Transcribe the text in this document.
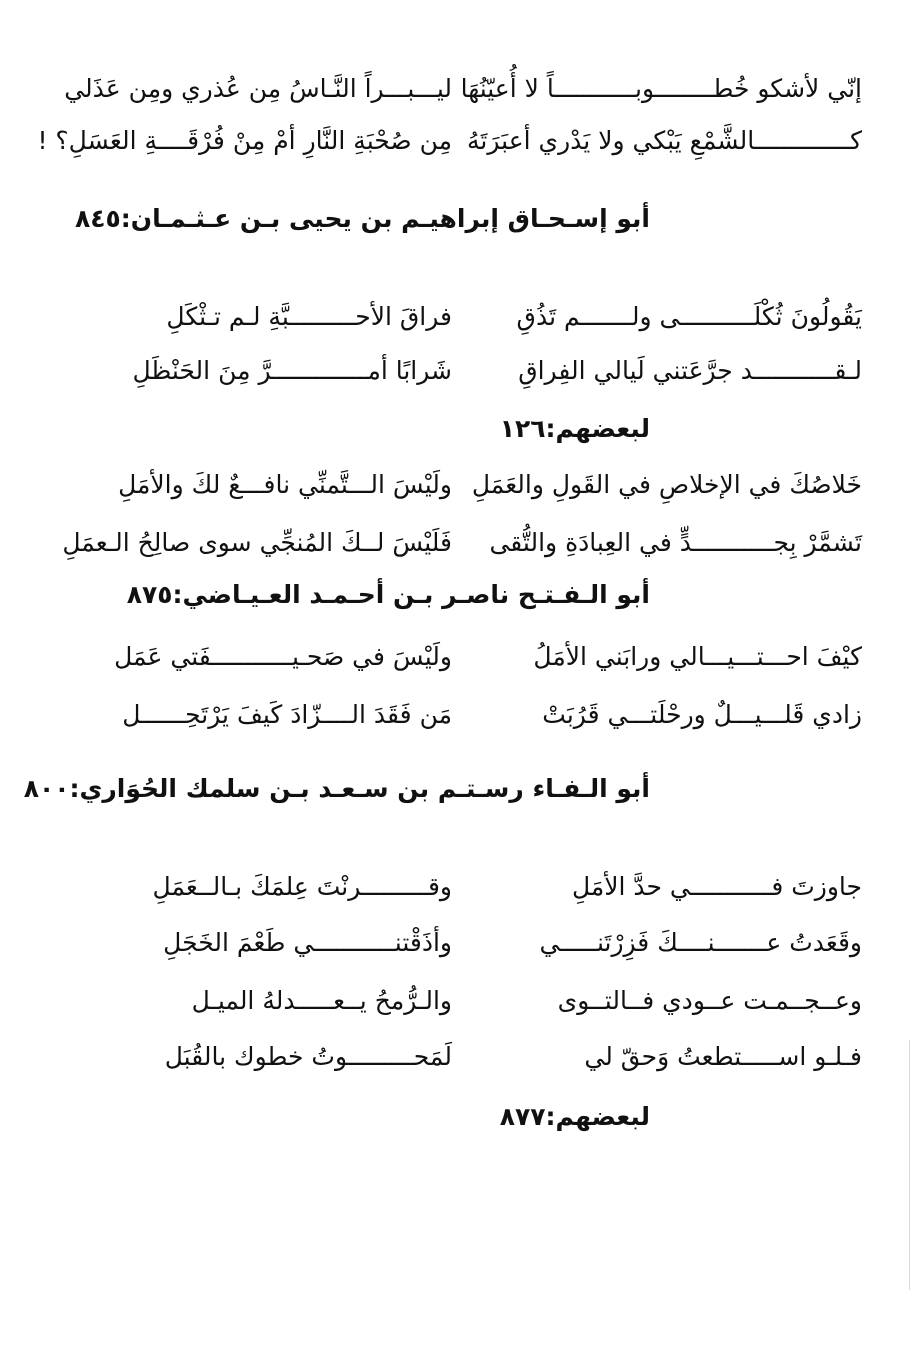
إنّي لأشكو خُطــــــــوبـــــــــــاً لا أُعيّنُهَا
ليـــبـــراً النَّـاسُ مِن عُذري ومِن عَذَلي
كـــــــــــــالشَّمْعِ يَبْكي ولا يَدْري أعبَرَتَهُ
مِن صُحْبَةِ النَّارِ أمْ مِنْ فُرْقَــــةِ العَسَلِ؟ !
أبو إسـحـاق إبراهيـم بن يحيى بـن عـثـمـان:٨٤٥
يَقُولُونَ ثُكْلَــــــــــى ولـــــــم تَذُقِ
فراقَ الأحـــــــــبَّةِ لـم تـثْكَلِ
لـقـــــــــــد جرَّعَتني لَيالي الفِراقِ
شَرابًا أمـــــــــــــرَّ مِنَ الحَنْظَلِ
لبعضهم:١٢٦
خَلاصُكَ في الإخلاصِ في القَولِ والعَمَلِ
ولَيْسَ الـــتَّمنِّي نافـــعٌ لكَ والأمَلِ
تَشمَّرْ بِجـــــــــــدٍّ في العِبادَةِ والتُّقى
فَلَيْسَ لــكَ المُنجِّي سوى صالِحُ الـعمَلِ
أبو الـفـتـح ناصـر بـن أحـمـد العـيـاضي:٨٧٥
كيْفَ احـــتـــيـــالي ورابَني الأمَلُ
ولَيْسَ في صَحـيـــــــــــفَتي عَمَل
زادي قَلـــيـــلٌ ورحْلَتـــي قَرُبَتْ
مَن فَقَدَ الــــزّادَ كَيفَ يَرْتَحِــــــل
أبو الـفـاء رسـتـم بن سـعـد بـن سلمك الحُوَاري:٨٠٠
جاوزتَ فـــــــــــي حدَّ الأمَلِ
وقـــــــــرنْتَ عِلمَكَ بـالــعَمَلِ
وقَعَدتُ عـــــــنــــكَ فَزِرْتَنـــــي
وأذَقْتنـــــــــــي طَعْمَ الخَجَلِ
وعــجــمـت عــودي فــالتــوى
والـرُّمحُ يــعـــــدلهُ الميـل
فـلـو اســـــتطعتُ وَحقّ لي
لَمَحـــــــــوتُ خطوك بالقُبَل
لبعضهم:٨٧٧
